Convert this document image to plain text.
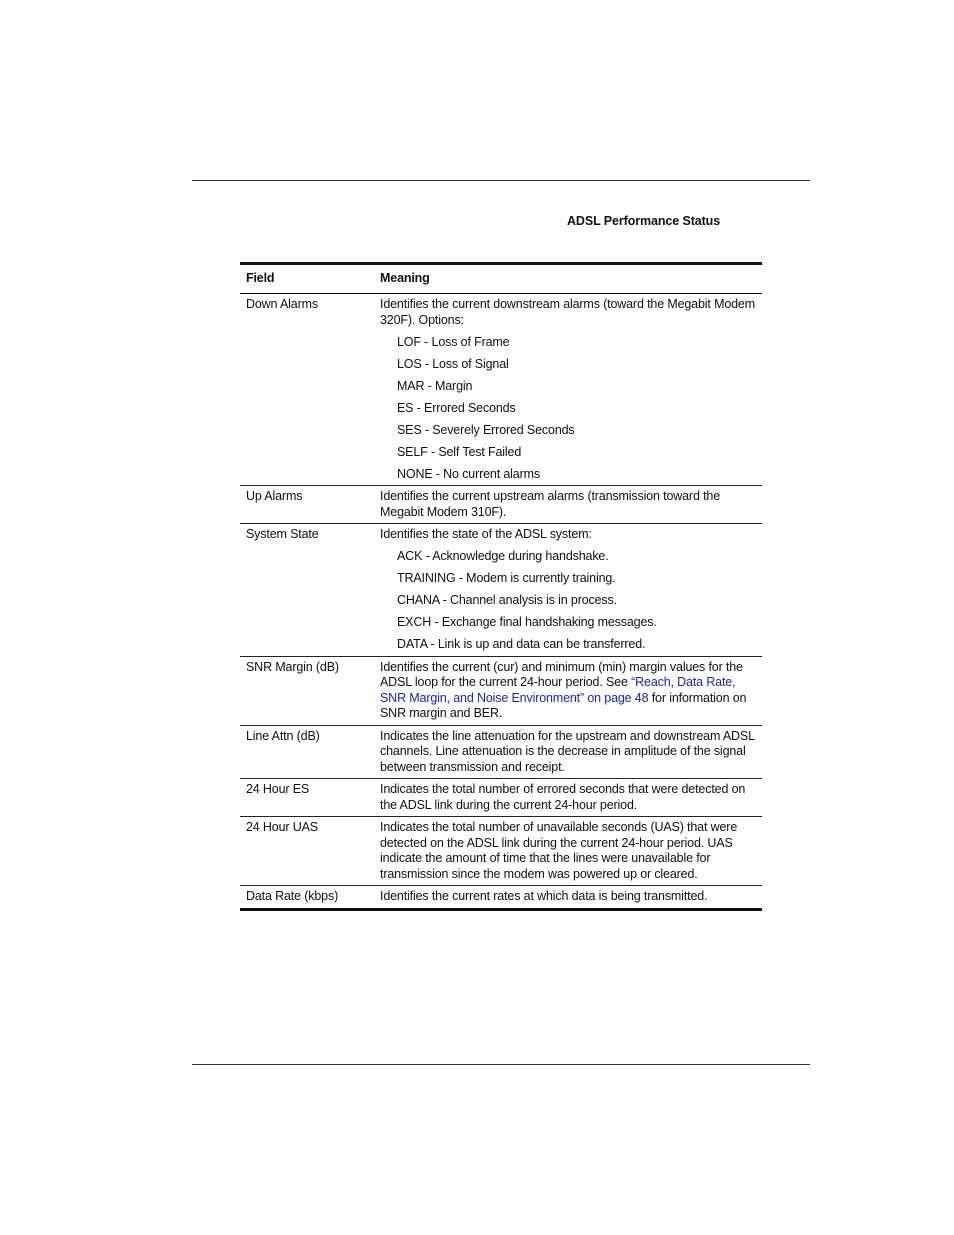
ADSL Performance Status
Field	Meaning
Down Alarms	Identifies the current downstream alarms (toward the Megabit Modem 320F). Options:
LOF - Loss of Frame
LOS - Loss of Signal
MAR - Margin
ES - Errored Seconds
SES - Severely Errored Seconds
SELF - Self Test Failed
NONE - No current alarms
Up Alarms	Identifies the current upstream alarms (transmission toward the Megabit Modem 310F).
System State	Identifies the state of the ADSL system:
ACK - Acknowledge during handshake.
TRAINING - Modem is currently training.
CHANA - Channel analysis is in process.
EXCH - Exchange final handshaking messages.
DATA - Link is up and data can be transferred.
SNR Margin (dB)	Identifies the current (cur) and minimum (min) margin values for the ADSL loop for the current 24-hour period. See “Reach, Data Rate, SNR Margin, and Noise Environment” on page 48 for information on SNR margin and BER.
Line Attn (dB)	Indicates the line attenuation for the upstream and downstream ADSL channels. Line attenuation is the decrease in amplitude of the signal between transmission and receipt.
24 Hour ES	Indicates the total number of errored seconds that were detected on the ADSL link during the current 24-hour period.
24 Hour UAS	Indicates the total number of unavailable seconds (UAS) that were detected on the ADSL link during the current 24-hour period. UAS indicate the amount of time that the lines were unavailable for transmission since the modem was powered up or cleared.
Data Rate (kbps)	Identifies the current rates at which data is being transmitted.
